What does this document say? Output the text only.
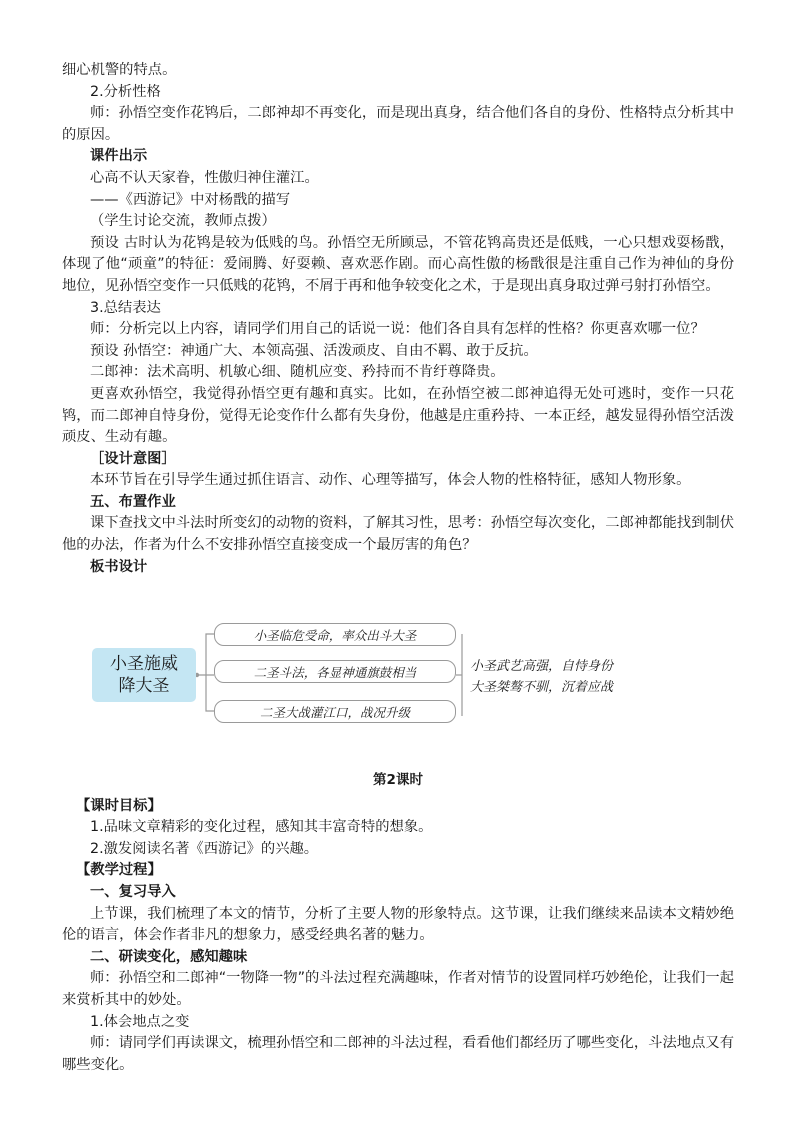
细心机警的特点。

2.分析性格

师：孙悟空变作花鸨后，二郎神却不再变化，而是现出真身，结合他们各自的身份、性格特点分析其中的原因。

课件出示

心高不认天家眷，性傲归神住灌江。

——《西游记》中对杨戬的描写

（学生讨论交流，教师点拨）

预设 古时认为花鸨是较为低贱的鸟。孙悟空无所顾忌，不管花鸨高贵还是低贱，一心只想戏耍杨戬，体现了他“顽童”的特征：爱闹腾、好耍赖、喜欢恶作剧。而心高性傲的杨戬很是注重自己作为神仙的身份地位，见孙悟空变作一只低贱的花鸨，不屑于再和他争较变化之术，于是现出真身取过弹弓射打孙悟空。

3.总结表达

师：分析完以上内容，请同学们用自己的话说一说：他们各自具有怎样的性格？你更喜欢哪一位？

预设 孙悟空：神通广大、本领高强、活泼顽皮、自由不羁、敢于反抗。

二郎神：法术高明、机敏心细、随机应变、矜持而不肯纡尊降贵。

更喜欢孙悟空，我觉得孙悟空更有趣和真实。比如，在孙悟空被二郎神追得无处可逃时，变作一只花鸨，而二郎神自恃身份，觉得无论变作什么都有失身份，他越是庄重矜持、一本正经，越发显得孙悟空活泼顽皮、生动有趣。

［设计意图］

本环节旨在引导学生通过抓住语言、动作、心理等描写，体会人物的性格特征，感知人物形象。

五、布置作业

课下查找文中斗法时所变幻的动物的资料，了解其习性，思考：孙悟空每次变化，二郎神都能找到制伏他的办法，作者为什么不安排孙悟空直接变成一个最厉害的角色？

板书设计

小圣施威
降大圣
小圣临危受命，率众出斗大圣
二圣斗法，各显神通旗鼓相当
二圣大战灌江口，战况升级
小圣武艺高强，自恃身份
大圣桀骜不驯，沉着应战

第2课时

【课时目标】

1.品味文章精彩的变化过程，感知其丰富奇特的想象。

2.激发阅读名著《西游记》的兴趣。

【教学过程】

一、复习导入

上节课，我们梳理了本文的情节，分析了主要人物的形象特点。这节课，让我们继续来品读本文精妙绝伦的语言，体会作者非凡的想象力，感受经典名著的魅力。

二、研读变化，感知趣味

师：孙悟空和二郎神“一物降一物”的斗法过程充满趣味，作者对情节的设置同样巧妙绝伦，让我们一起来赏析其中的妙处。

1.体会地点之变

师：请同学们再读课文，梳理孙悟空和二郎神的斗法过程，看看他们都经历了哪些变化，斗法地点又有哪些变化。
